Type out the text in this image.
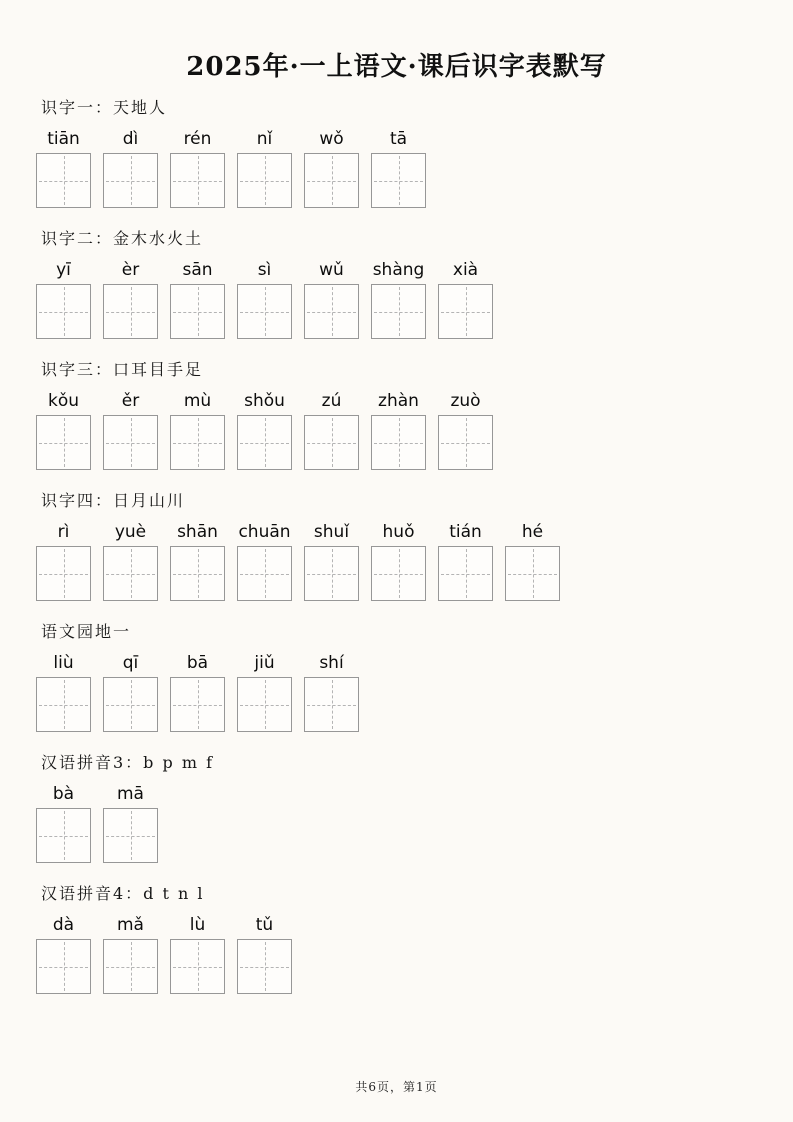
2025年·一上语文·课后识字表默写
识字一：天地人
tiān	dì	rén	nǐ	wǒ	tā
识字二：金木水火土
yī	èr	sān	sì	wǔ	shàng	xià
识字三：口耳目手足
kǒu	ěr	mù	shǒu	zú	zhàn	zuò
识字四：日月山川
rì	yuè	shān	chuān	shuǐ	huǒ	tián	hé
语文园地一
liù	qī	bā	jiǔ	shí
汉语拼音3：b p m f
bà	mā
汉语拼音4：d t n l
dà	mǎ	lù	tǔ
共6页，第1页
